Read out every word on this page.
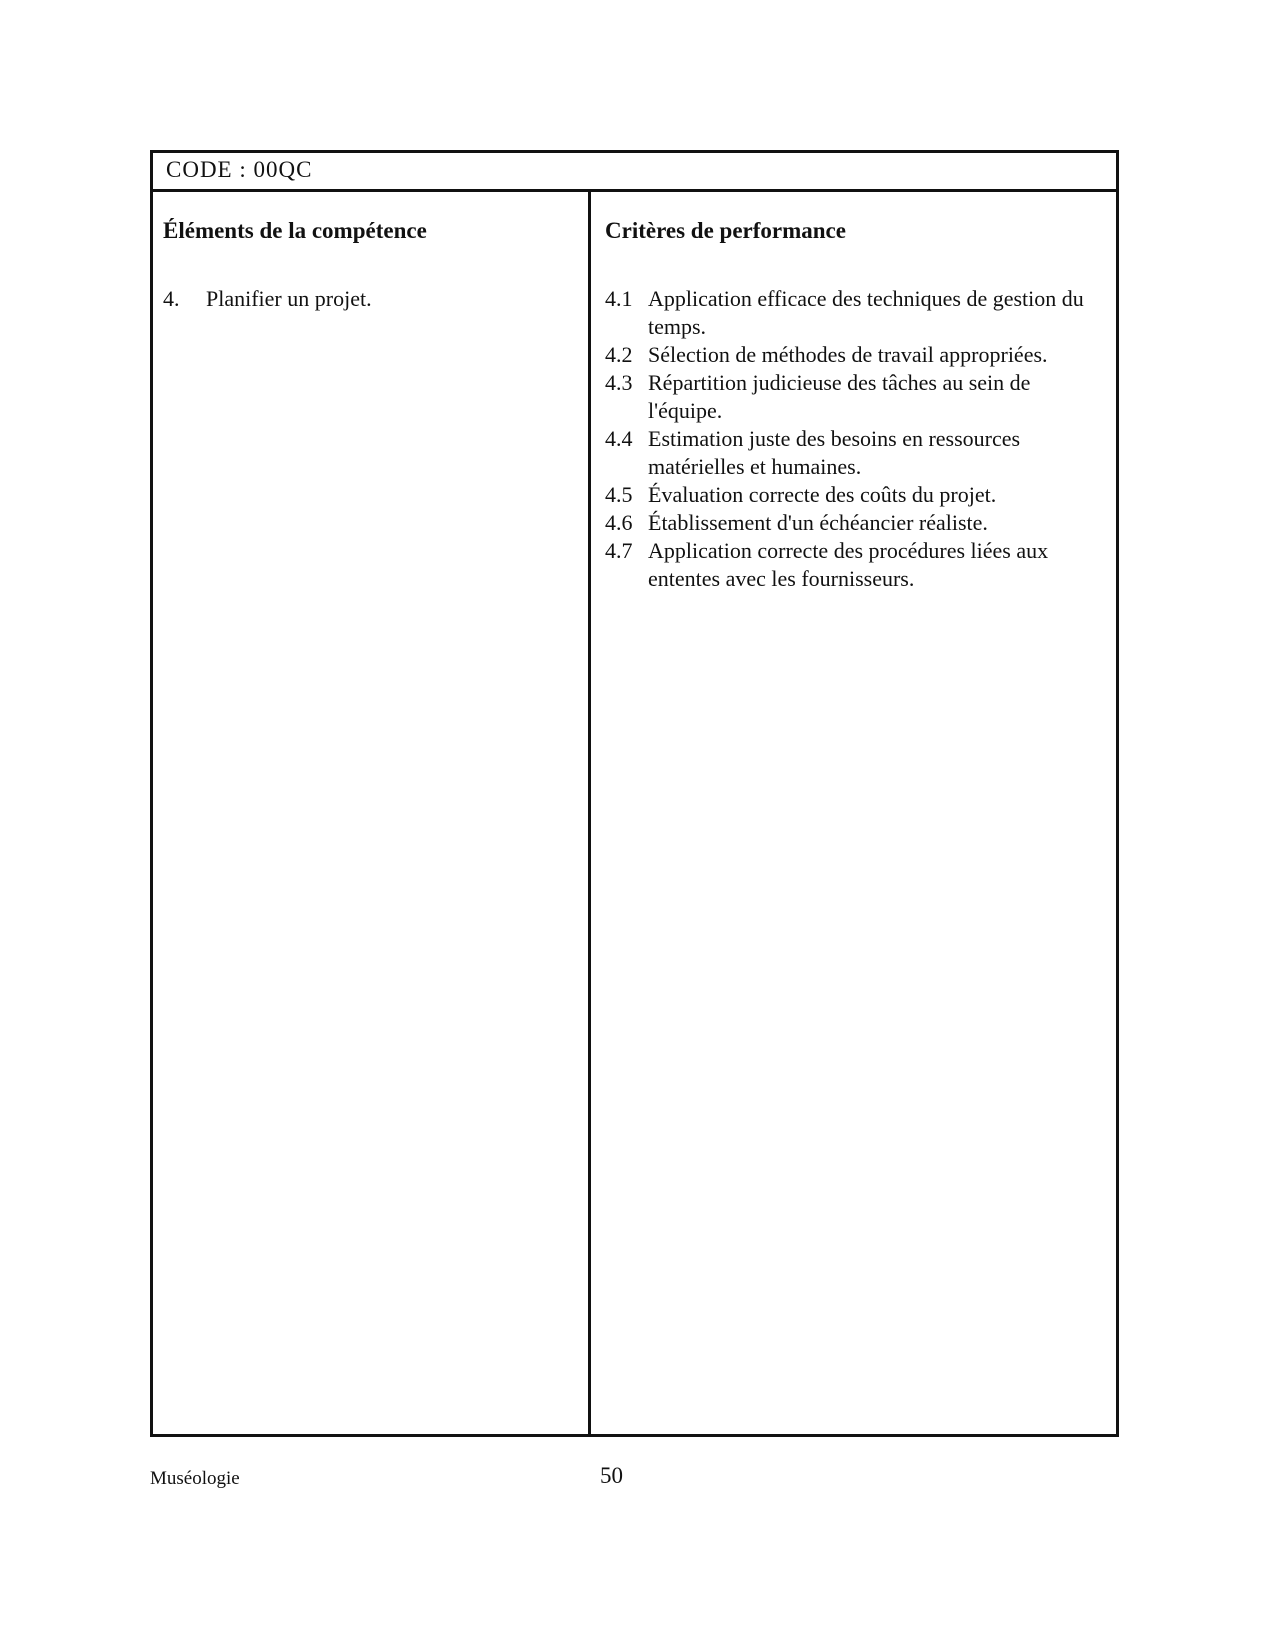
CODE : 00QC
Éléments de la compétence
4.	Planifier un projet.
Critères de performance
4.1 Application efficace des techniques de gestion du temps.
4.2 Sélection de méthodes de travail appropriées.
4.3 Répartition judicieuse des tâches au sein de l'équipe.
4.4 Estimation juste des besoins en ressources matérielles et humaines.
4.5 Évaluation correcte des coûts du projet.
4.6 Établissement d'un échéancier réaliste.
4.7 Application correcte des procédures liées aux ententes avec les fournisseurs.
Muséologie	50
